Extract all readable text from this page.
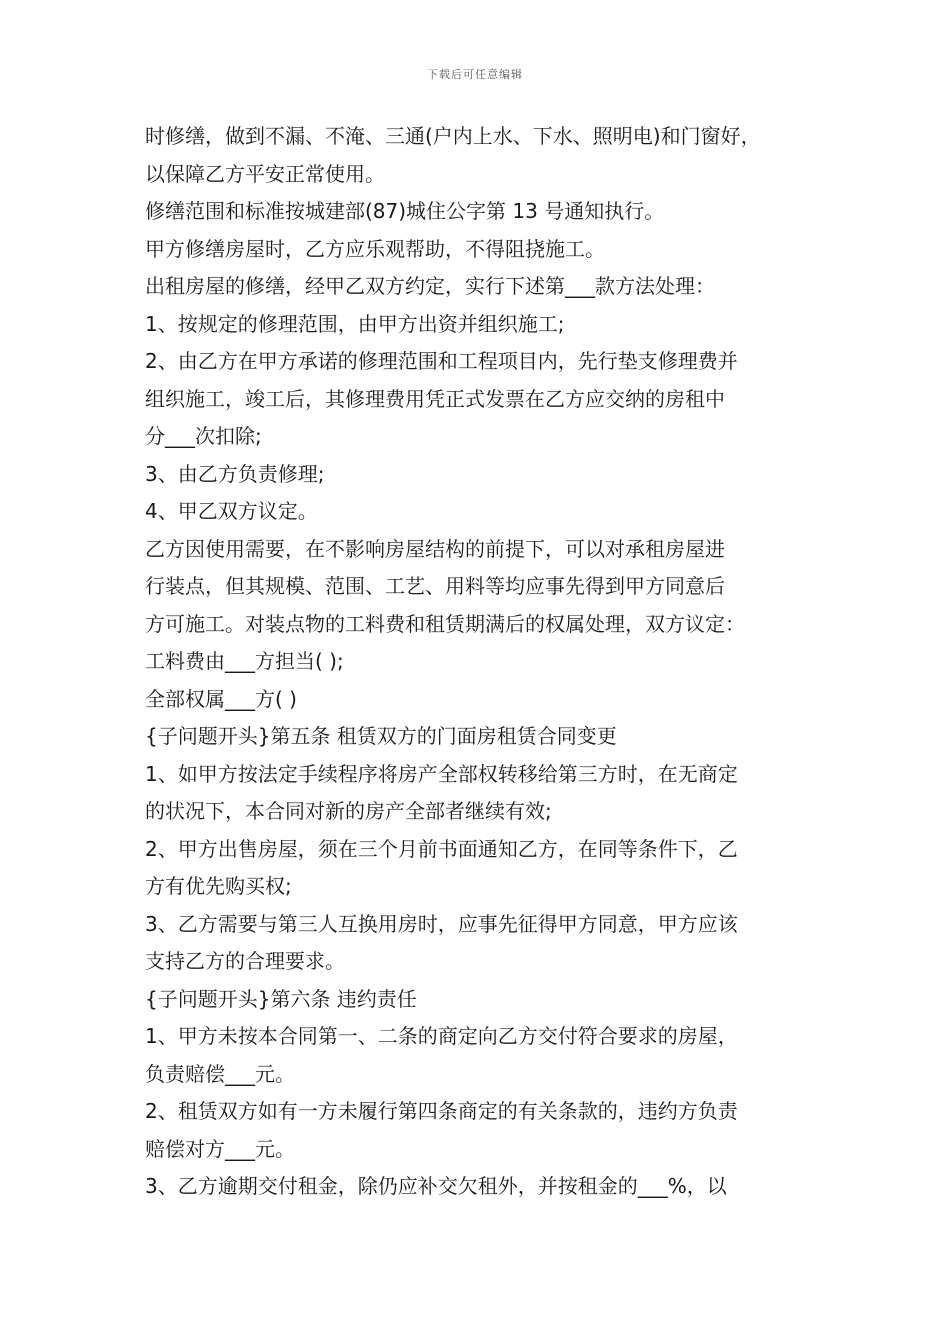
下载后可任意编辑
时修缮，做到不漏、不淹、三通(户内上水、下水、照明电)和门窗好，
以保障乙方平安正常使用。
修缮范围和标准按城建部(87)城住公字第 13 号通知执行。
甲方修缮房屋时，乙方应乐观帮助，不得阻挠施工。
出租房屋的修缮，经甲乙双方约定，实行下述第___款方法处理：
1、按规定的修理范围，由甲方出资并组织施工;
2、由乙方在甲方承诺的修理范围和工程项目内，先行垫支修理费并
组织施工，竣工后，其修理费用凭正式发票在乙方应交纳的房租中
分___次扣除;
3、由乙方负责修理;
4、甲乙双方议定。
乙方因使用需要，在不影响房屋结构的前提下，可以对承租房屋进
行装点，但其规模、范围、工艺、用料等均应事先得到甲方同意后
方可施工。对装点物的工料费和租赁期满后的权属处理，双方议定：
工料费由___方担当( );
全部权属___方( )
{子问题开头}第五条 租赁双方的门面房租赁合同变更
1、如甲方按法定手续程序将房产全部权转移给第三方时，在无商定
的状况下，本合同对新的房产全部者继续有效;
2、甲方出售房屋，须在三个月前书面通知乙方，在同等条件下，乙
方有优先购买权;
3、乙方需要与第三人互换用房时，应事先征得甲方同意，甲方应该
支持乙方的合理要求。
{子问题开头}第六条 违约责任
1、甲方未按本合同第一、二条的商定向乙方交付符合要求的房屋，
负责赔偿___元。
2、租赁双方如有一方未履行第四条商定的有关条款的，违约方负责
赔偿对方___元。
3、乙方逾期交付租金，除仍应补交欠租外，并按租金的___%，以
